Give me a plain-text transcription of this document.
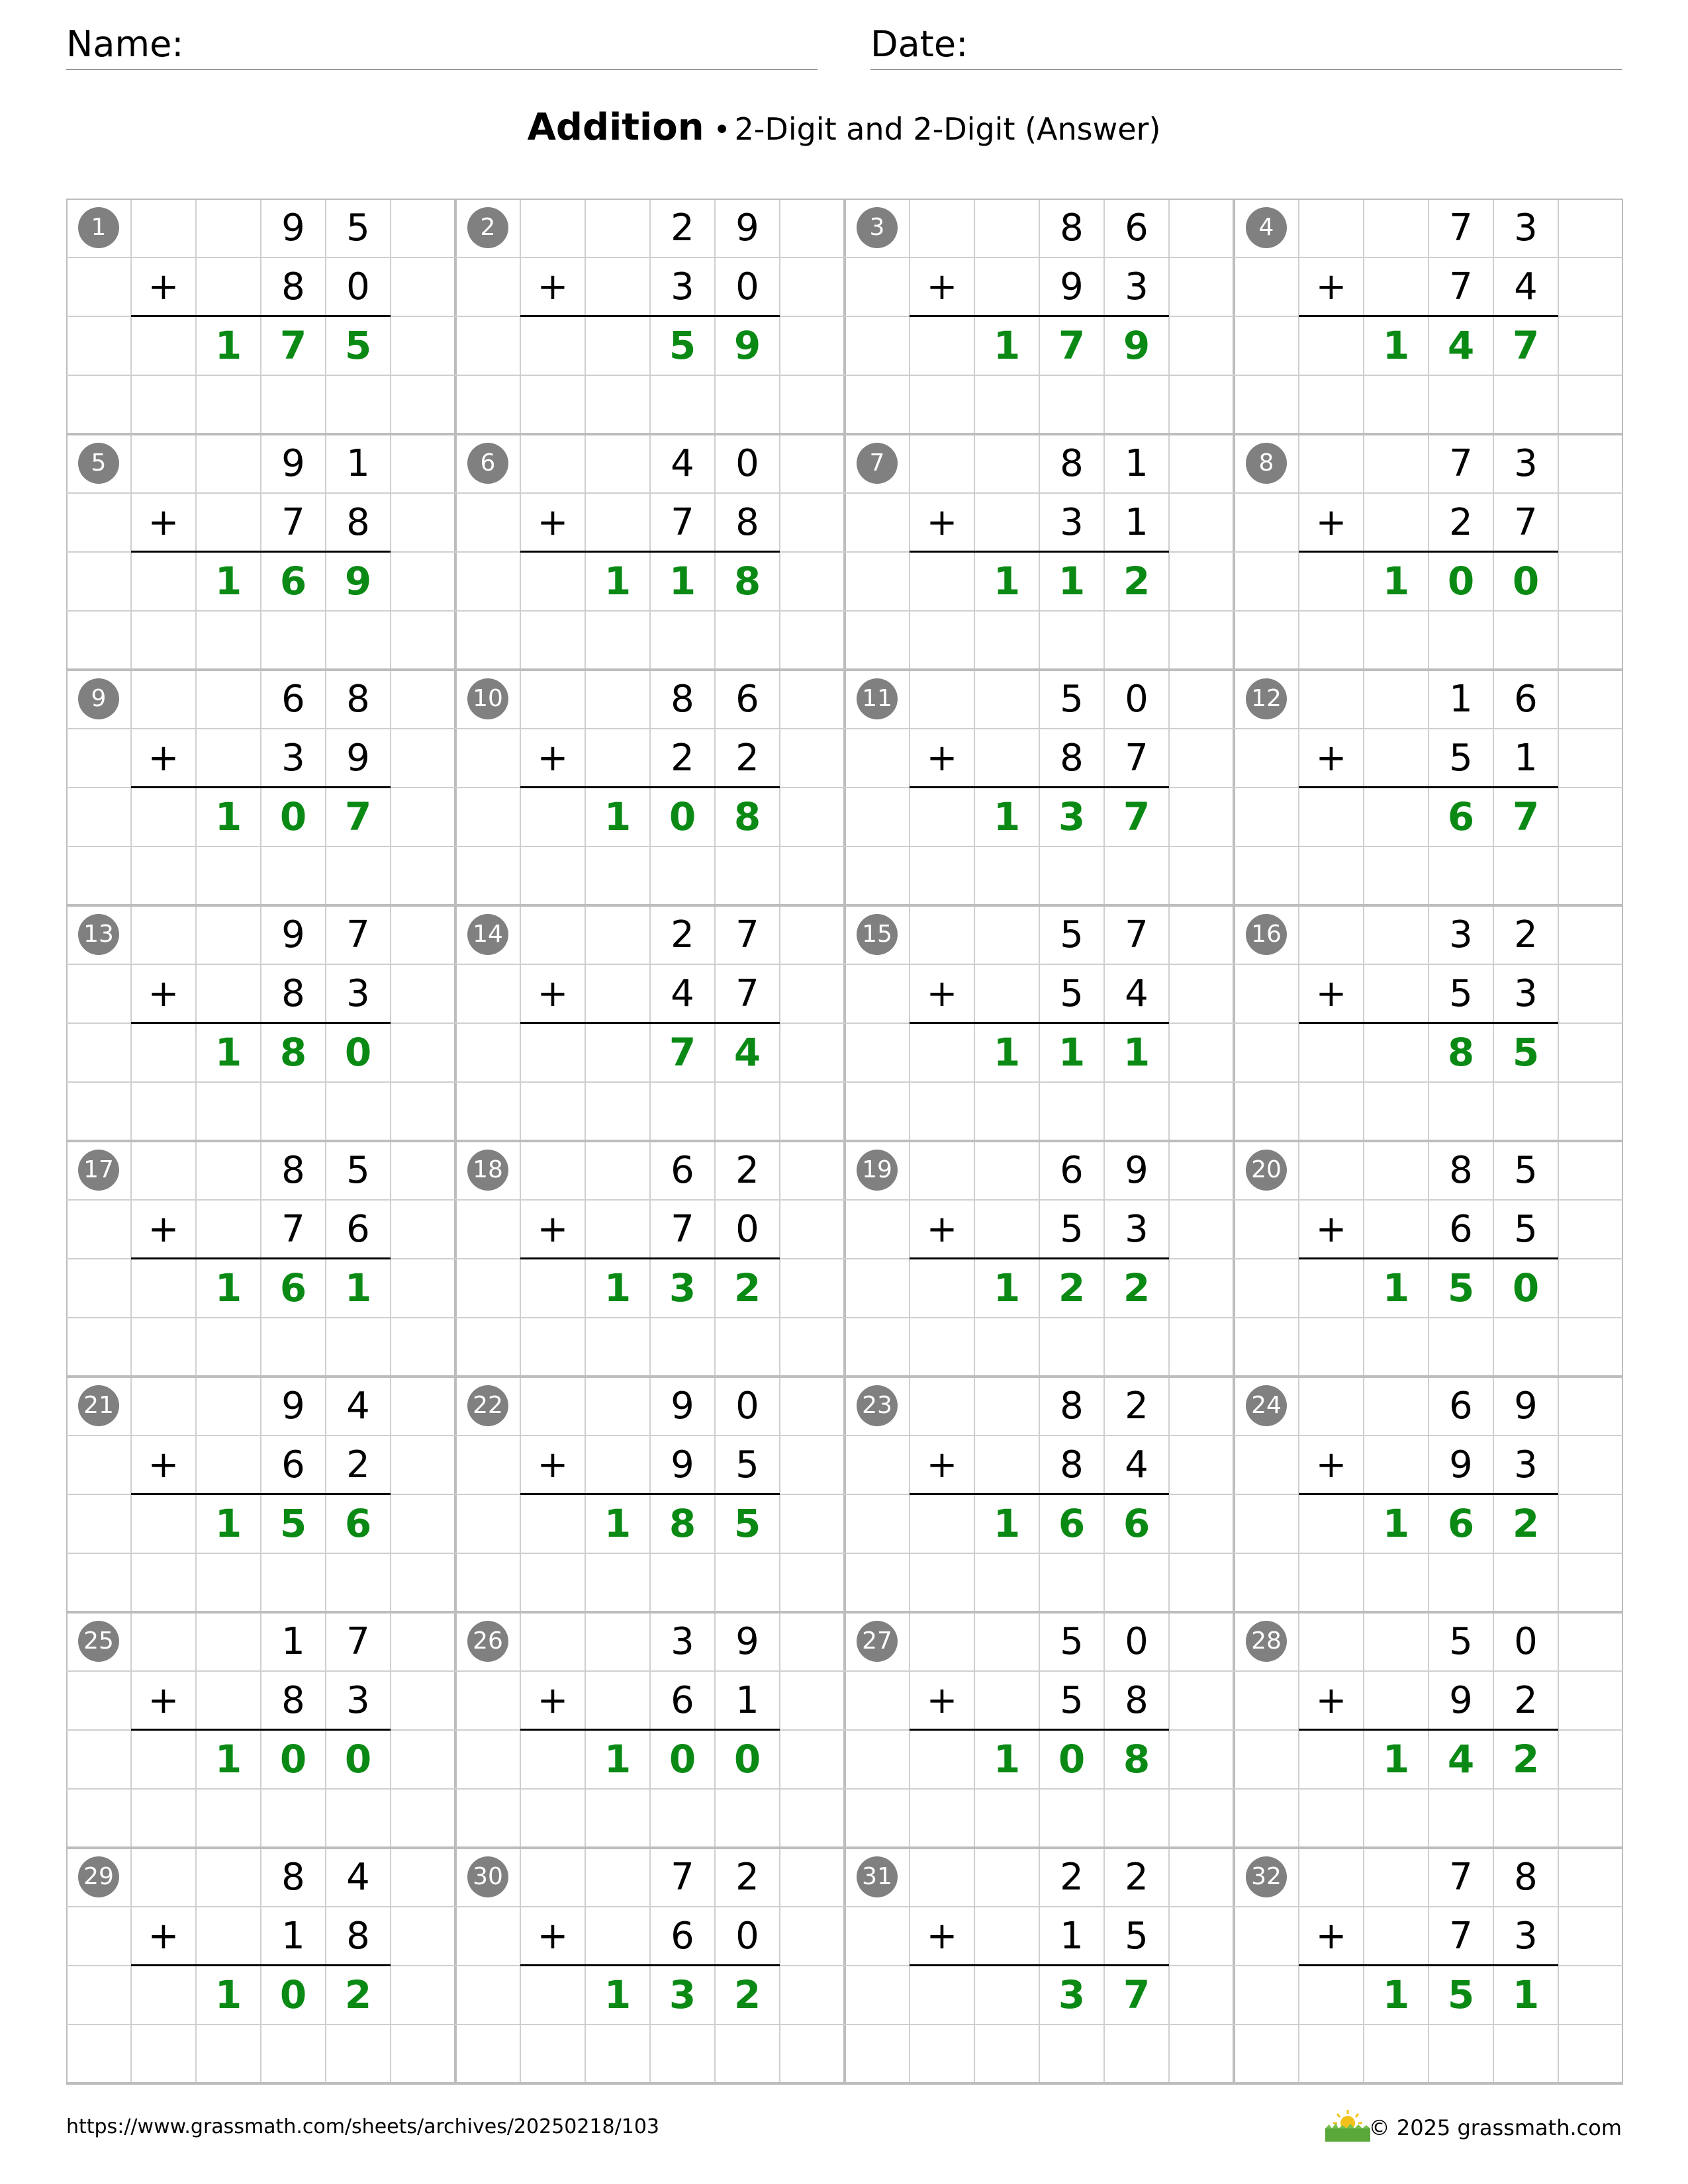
Name:	Date:
Addition • 2-Digit and 2-Digit (Answer)
1	9	5
8	0
+
1 7 5
2	2	9
3	0
+
5 9
3	8	6
9	3
+
1 7 9
4	7	3
7	4
+
1 4 7
5	9	1
7	8
+
1 6 9
6	4	0
7	8
+
1 1 8
7	8	1
3	1
+
1 1 2
8	7	3
2	7
+
1 0 0
9	6	8
3	9
+
1 0 7
10	8	6
2	2
+
1 0 8
11	5	0
8	7
+
1 3 7
12	1	6
5	1
+
6 7
13	9	7
8	3
+
1 8 0
14	2	7
4	7
+
7 4
15	5	7
5	4
+
1 1 1
16	3	2
5	3
+
8 5
17	8	5
7	6
+
1 6 1
18	6	2
7	0
+
1 3 2
19	6	9
5	3
+
1 2 2
20	8	5
6	5
+
1 5 0
21	9	4
6	2
+
1 5 6
22	9	0
9	5
+
1 8 5
23	8	2
8	4
+
1 6 6
24	6	9
9	3
+
1 6 2
25	1	7
8	3
+
1 0 0
26	3	9
6	1
+
1 0 0
27	5	0
5	8
+
1 0 8
28	5	0
9	2
+
1 4 2
29	8	4
1	8
+
1 0 2
30	7	2
6	0
+
1 3 2
31	2	2
1	5
+
3 7
32	7	8
7	3
+
1 5 1
https://www.grassmath.com/sheets/archives/20250218/103	© 2025 grassmath.com
